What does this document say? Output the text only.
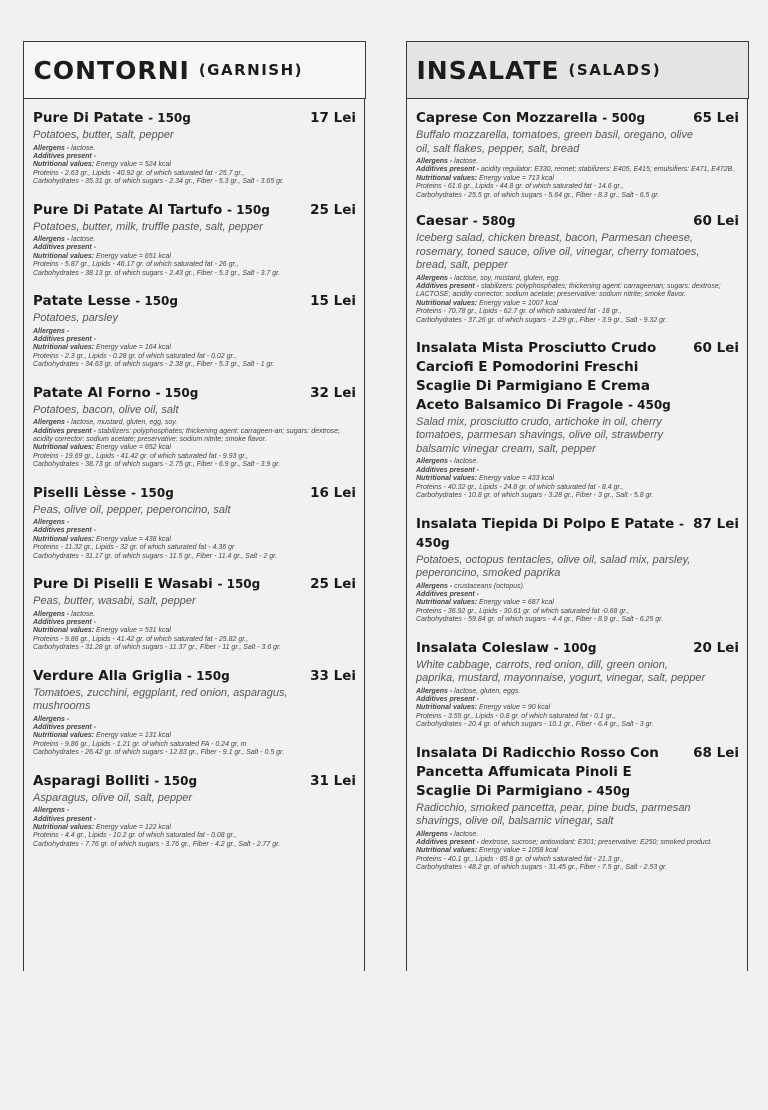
CONTORNI (GARNISH)
Pure Di Patate - 150g	17 Lei
Potatoes, butter, salt, pepper
Allergens - lactose.
Additives present -
Nutritional values: Energy value = 524 kcal
Proteins - 2.63 gr., Lipids - 40.92 gr. of which saturated fat - 25.7 gr.,
Carbohydrates - 35.31 gr. of which sugars - 2.34 gr., Fiber - 5.3 gr., Salt - 3.65 gr.
Pure Di Patate Al Tartufo - 150g	25 Lei
Potatoes, butter, milk, truffle paste, salt, pepper
Allergens - lactose.
Additives present -
Nutritional values: Energy value = 651 kcal
Proteins - 5.87 gr., Lipids - 46.17 gr. of which saturated fat - 26 gr.,
Carbohydrates - 38.13 gr. of which sugars - 2.43 gr., Fiber - 5.3 gr., Salt - 3.7 gr.
Patate Lesse - 150g	15 Lei
Potatoes, parsley
Allergens -
Additives present -
Nutritional values: Energy value = 164 kcal
Proteins - 2.3 gr., Lipids - 0.28 gr. of which saturated fat - 0.02 gr.,
Carbohydrates - 34.63 gr. of which sugars - 2.38 gr., Fiber - 5.3 gr., Salt - 1 gr.
Patate Al Forno - 150g	32 Lei
Potatoes, bacon, olive oil, salt
Allergens - lactose, mustard, gluten, egg, soy.
Additives present - stabilizers: polyphosphates; thickening agent: carrageen-an; sugars: dextrose; acidity corrector: sodium acetate; preservative: sodium nitrite; smoke flavor.
Nutritional values: Energy value = 652 kcal
Proteins - 19.69 gr., Lipids - 41.42 gr. of which saturated fat - 9.93 gr.,
Carbohydrates - 38.73 gr. of which sugars - 2.75 gr., Fiber - 6.9 gr., Salt - 3.9 gr.
Piselli Lèsse - 150g	16 Lei
Peas, olive oil, pepper, peperoncino, salt
Allergens -
Additives present -
Nutritional values: Energy value = 438 kcal
Proteins - 11.32 gr., Lipids - 32 gr. of which saturated fat - 4.36 gr
Carbohydrates - 31.17 gr. of which sugars - 11.5 gr., Fiber - 11.4 gr., Salt - 2 gr.
Pure Di Piselli E Wasabi - 150g	25 Lei
Peas, butter, wasabi, salt, pepper
Allergens - lactose.
Additives present -
Nutritional values: Energy value = 531 kcal
Proteins - 9.86 gr., Lipids - 41.42 gr. of which saturated fat - 25.82 gr.,
Carbohydrates - 31.28 gr. of which sugars - 11.37 gr., Fiber - 11 gr., Salt - 3.6 gr.
Verdure Alla Griglia - 150g	33 Lei
Tomatoes, zucchini, eggplant, red onion, asparagus, mushrooms
Allergens -
Additives present -
Nutritional values: Energy value = 131 kcal
Proteins - 9.86 gr., Lipids - 1.21 gr. of which saturated FA - 0.24 gr, m
Carbohydrates - 26.42 gr. of which sugars - 12.83 gr., Fiber - 9.1 gr., Salt - 0.5 gr.
Asparagi Bolliti - 150g	31 Lei
Asparagus, olive oil, salt, pepper
Allergens -
Additives present -
Nutritional values: Energy value = 122 kcal
Proteins - 4.4 gr., Lipids - 10.2 gr. of which saturated fat - 0.08 gr.,
Carbohydrates - 7.76 gr. of which sugars - 3.76 gr., Fiber - 4.2 gr., Salt - 2.77 gr.
INSALATE (SALADS)
Caprese Con Mozzarella - 500g	65 Lei
Buffalo mozzarella, tomatoes, green basil, oregano, olive oil, salt flakes, pepper, salt, bread
Allergens - lactose.
Additives present - acidity regulator: E330, rennet; stabilizers: E405, E415; emulsifiers: E471, E472B.
Nutritional values: Energy value = 713 kcal
Proteins - 61.6 gr., Lipids - 44.8 gr. of which saturated fat - 14.6 gr.,
Carbohydrates - 25.5 gr. of which sugars - 5.64 gr., Fiber - 8.3 gr., Salt - 6.5 gr.
Caesar - 580g	60 Lei
Iceberg salad, chicken breast, bacon, Parmesan cheese, rosemary, toned sauce, olive oil, vinegar, cherry tomatoes, bread, salt, pepper
Allergens - lactose, soy, mustard, gluten, egg.
Additives present - stabilizers: polyphosphates; thickening agent: carrageenan; sugars: dextrose; LACTOSE; acidity corrector: sodium acetate; preservative: sodium nitrite; smoke flavor.
Nutritional values: Energy value = 1007 kcal
Proteins - 70.78 gr., Lipids - 62.7 gr. of which saturated fat - 18 gr.,
Carbohydrates - 37.26 gr. of which sugars - 2.29 gr., Fiber - 3.9 gr., Salt - 9.32 gr.
Insalata Mista Prosciutto Crudo Carciofi E Pomodorini Freschi Scaglie Di Parmigiano E Crema Aceto Balsamico Di Fragole - 450g
60 Lei
Salad mix, prosciutto crudo, artichoke in oil, cherry tomatoes, parmesan shavings, olive oil, strawberry balsamic vinegar cream, salt, pepper
Allergens - lactose.
Additives present -
Nutritional values: Energy value = 433 kcal
Proteins - 40.32 gr., Lipids - 24.8 gr. of which saturated fat - 8.4 gr.,
Carbohydrates - 10.8 gr. of which sugars - 3.28 gr., Fiber - 3 gr., Salt - 5.8 gr.
Insalata Tiepida Di Polpo E Patate - 450g
87 Lei
Potatoes, octopus tentacles, olive oil, salad mix, parsley, peperoncino, smoked paprika
Allergens - crustaceans (octopus).
Additives present -
Nutritional values: Energy value = 687 kcal
Proteins - 36.92 gr., Lipids - 30.61 gr. of which saturated fat -0.68 gr.,
Carbohydrates - 59.84 gr. of which sugars - 4.4 gr., Fiber - 8.9 gr., Salt - 6.25 gr.
Insalata Coleslaw - 100g	20 Lei
White cabbage, carrots, red onion, dill, green onion, paprika, mustard, mayonnaise, yogurt, vinegar, salt, pepper
Allergens - lactose, gluten, eggs.
Additives present -
Nutritional values: Energy value = 90 kcal
Proteins - 3.55 gr., Lipids - 0.8 gr. of which saturated fat - 0.1 gr.,
Carbohydrates - 20.4 gr. of which sugars - 10.1 gr., Fiber - 6.4 gr., Salt - 3 gr.
Insalata Di Radicchio Rosso Con Pancetta Affumicata Pinoli E Scaglie Di Parmigiano - 450g
68 Lei
Radicchio, smoked pancetta, pear, pine buds, parmesan shavings, olive oil, balsamic vinegar, salt
Allergens - lactose.
Additives present - dextrose, sucrose; antioxidant: E301; preservative: E250; smoked product.
Nutritional values: Energy value = 1058 kcal
Proteins - 40.1 gr., Lipids - 85.8 gr. of which saturated fat - 21.3 gr.,
Carbohydrates - 48.2 gr. of which sugars - 31.45 gr., Fiber - 7.5 gr., Salt - 2.53 gr.
